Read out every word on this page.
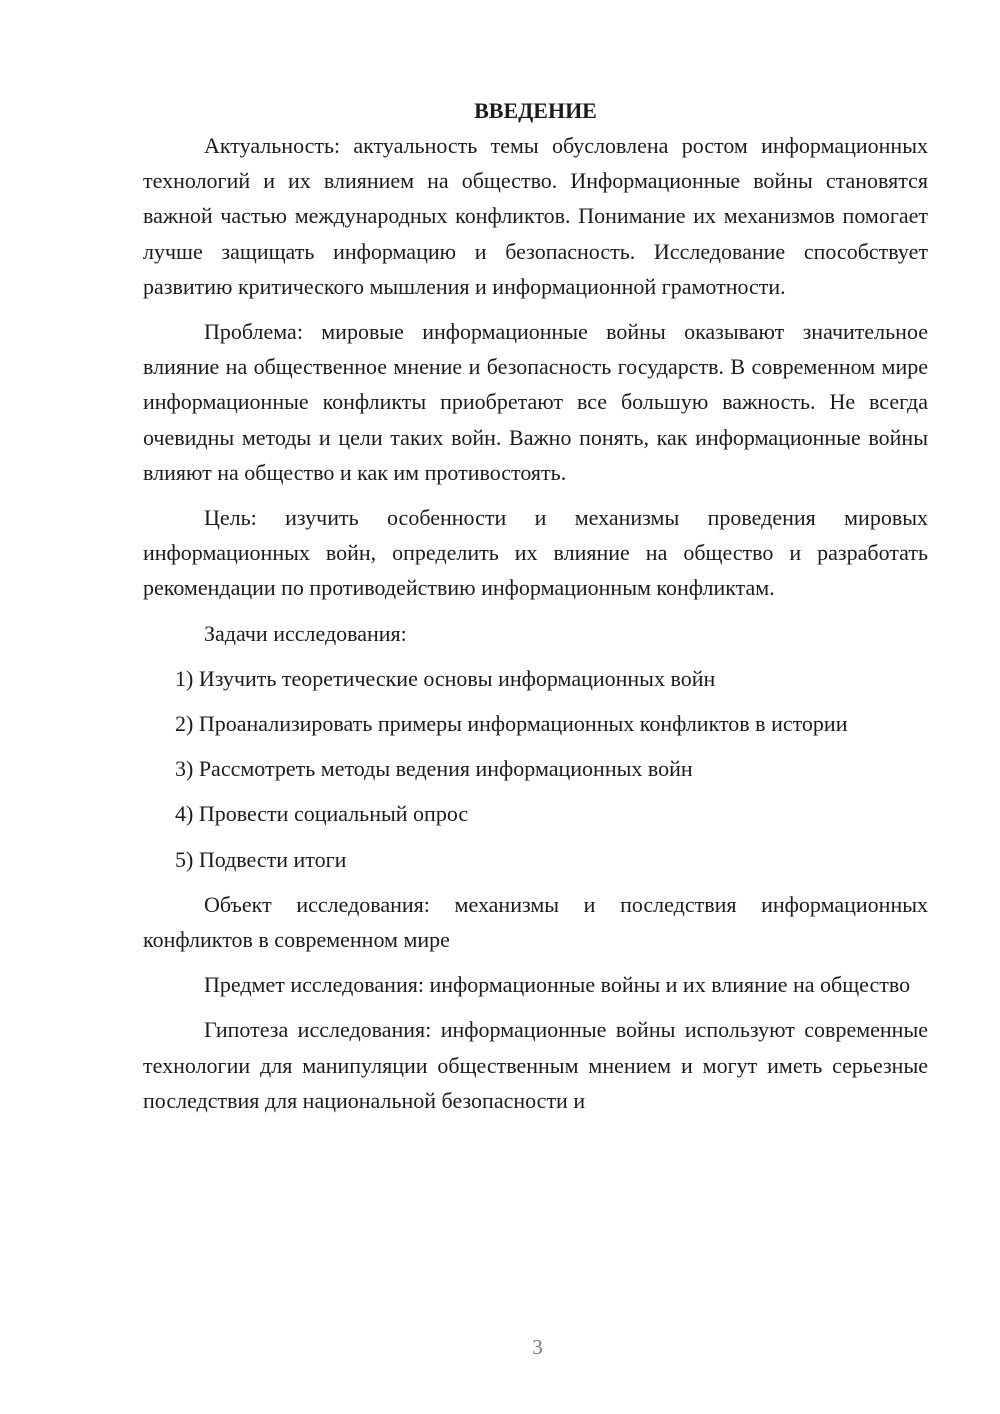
ВВЕДЕНИЕ

Актуальность: актуальность темы обусловлена ростом информационных технологий и их влиянием на общество. Информационные войны становятся важной частью международных конфликтов. Понимание их механизмов помогает лучше защищать информацию и безопасность. Исследование способствует развитию критического мышления и информационной грамотности.

Проблема: мировые информационные войны оказывают значительное влияние на общественное мнение и безопасность государств. В современном мире информационные конфликты приобретают все большую важность. Не всегда очевидны методы и цели таких войн. Важно понять, как информационные войны влияют на общество и как им противостоять.

Цель: изучить особенности и механизмы проведения мировых информационных войн, определить их влияние на общество и разработать рекомендации по противодействию информационным конфликтам.

Задачи исследования:

1) Изучить теоретические основы информационных войн

2) Проанализировать примеры информационных конфликтов в истории

3) Рассмотреть методы ведения информационных войн

4) Провести социальный опрос

5) Подвести итоги

Объект исследования: механизмы и последствия информационных конфликтов в современном мире

Предмет исследования: информационные войны и их влияние на общество

Гипотеза исследования: информационные войны используют современные технологии для манипуляции общественным мнением и могут иметь серьезные последствия для национальной безопасности и

3
